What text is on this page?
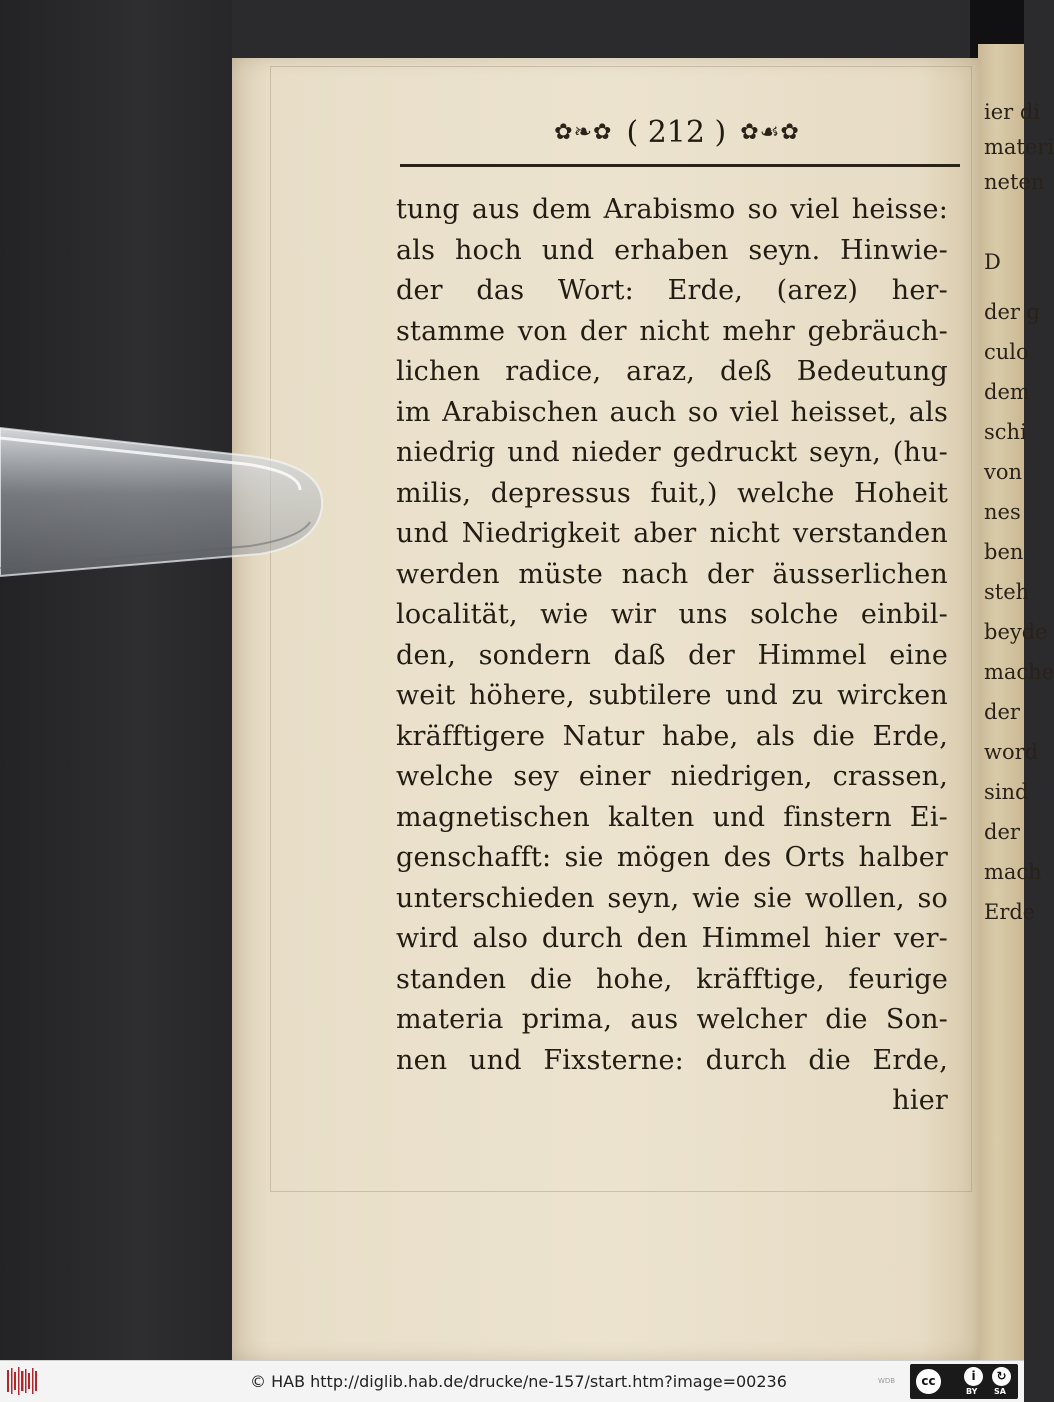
ier di
materi
neten
D
der g
culo
dem
schi
von
nes
ben
steh
beyde
mache
der
word
sind
der
mach
Erde
✿❧✿ ( 212 ) ✿☙✿
tung aus dem Arabismo so viel heisse:
als hoch und erhaben seyn. Hinwie-
der das Wort: Erde, (arez) her-
stamme von der nicht mehr gebräuch-
lichen radice, araz, deß Bedeutung
im Arabischen auch so viel heisset, als
niedrig und nieder gedruckt seyn, (hu-
milis, depressus fuit,) welche Hoheit
und Niedrigkeit aber nicht verstanden
werden müste nach der äusserlichen
localität, wie wir uns solche einbil-
den, sondern daß der Himmel eine
weit höhere, subtilere und zu wircken
kräfftigere Natur habe, als die Erde,
welche sey einer niedrigen, crassen,
magnetischen kalten und finstern Ei-
genschafft: sie mögen des Orts halber
unterschieden seyn, wie sie wollen, so
wird also durch den Himmel hier ver-
standen die hohe, kräfftige, feurige
materia prima, aus welcher die Son-
nen und Fixsterne: durch die Erde,
hier
© HAB http://diglib.hab.de/drucke/ne-157/start.htm?image=00236	WDB	cc	i	↻
BY SA
